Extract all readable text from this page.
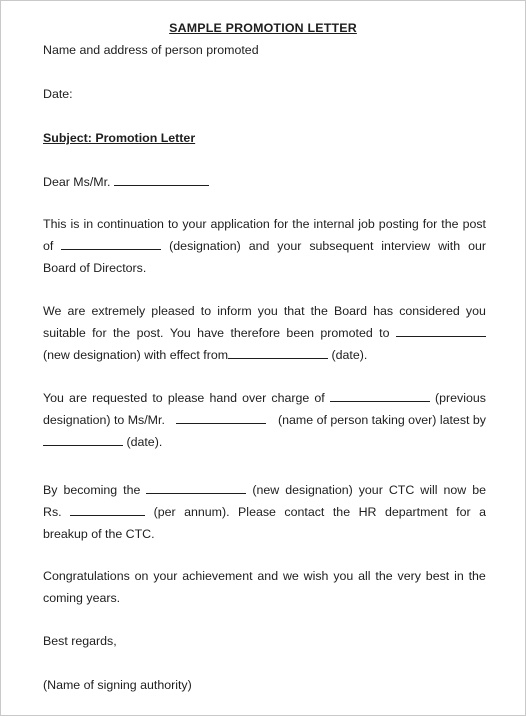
SAMPLE PROMOTION LETTER
Name and address of person promoted
Date:
Subject: Promotion Letter
Dear Ms/Mr.
This is in continuation to your application for the internal job posting for the post
of	(designation) and your subsequent interview with our
Board of Directors.
We are extremely pleased to inform you that the Board has considered you
suitable for the post. You have therefore been promoted to
(new designation) with effect from	(date).
You are requested to please hand over charge of	(previous
designation) to Ms/Mr.	(name of person taking over) latest by
(date).
By becoming the	(new designation) your CTC will now be
Rs.	(per annum). Please contact the HR department for a
breakup of the CTC.
Congratulations on your achievement and we wish you all the very best in the
coming years.
Best regards,
(Name of signing authority)
